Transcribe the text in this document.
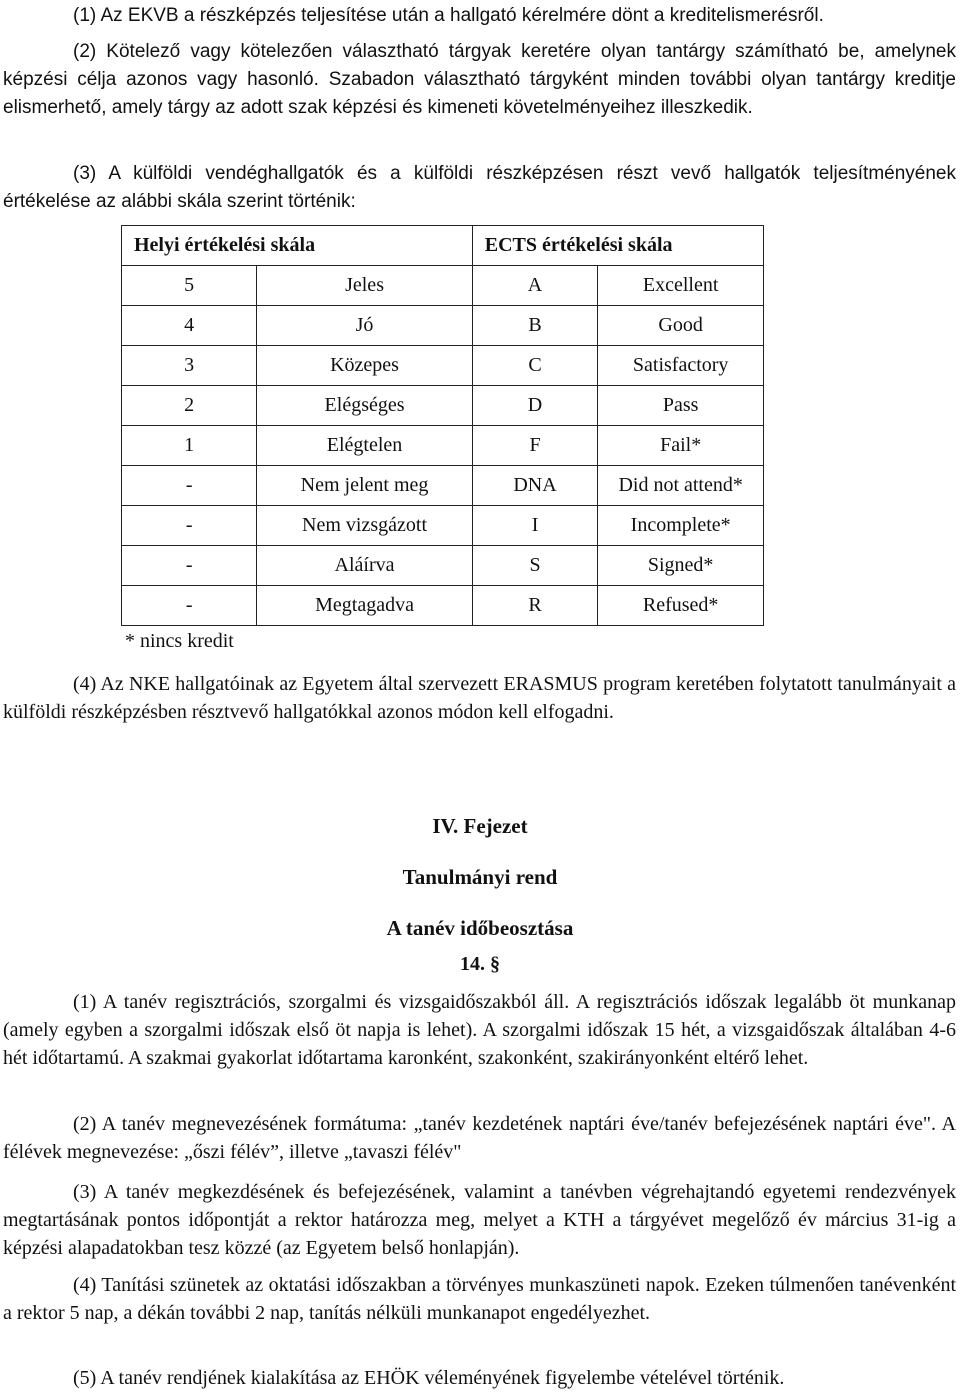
(1) Az EKVB a részképzés teljesítése után a hallgató kérelmére dönt a kreditelismerésről.

(2) Kötelező vagy kötelezően választható tárgyak keretére olyan tantárgy számítható be, amelynek képzési célja azonos vagy hasonló. Szabadon választható tárgyként minden további olyan tantárgy kreditje elismerhető, amely tárgy az adott szak képzési és kimeneti követelményeihez illeszkedik.

(3) A külföldi vendéghallgatók és a külföldi részképzésen részt vevő hallgatók teljesítményének értékelése az alábbi skála szerint történik:

Helyi értékelési skála		ECTS értékelési skála	
5	Jeles	A	Excellent
4	Jó	B	Good
3	Közepes	C	Satisfactory
2	Elégséges	D	Pass
1	Elégtelen	F	Fail*
-	Nem jelent meg	DNA	Did not attend*
-	Nem vizsgázott	I	Incomplete*
-	Aláírva	S	Signed*
-	Megtagadva	R	Refused*
* nincs kredit

(4) Az NKE hallgatóinak az Egyetem által szervezett ERASMUS program keretében folytatott tanulmányait a külföldi részképzésben résztvevő hallgatókkal azonos módon kell elfogadni.

IV. Fejezet
Tanulmányi rend
A tanév időbeosztása
14. §

(1) A tanév regisztrációs, szorgalmi és vizsgaidőszakból áll. A regisztrációs időszak legalább öt munkanap (amely egyben a szorgalmi időszak első öt napja is lehet). A szorgalmi időszak 15 hét, a vizsgaidőszak általában 4-6 hét időtartamú. A szakmai gyakorlat időtartama karonként, szakonként, szakirányonként eltérő lehet.

(2) A tanév megnevezésének formátuma: „tanév kezdetének naptári éve/tanév befejezésének naptári éve". A félévek megnevezése: „őszi félév”, illetve „tavaszi félév"

(3) A tanév megkezdésének és befejezésének, valamint a tanévben végrehajtandó egyetemi rendezvények megtartásának pontos időpontját a rektor határozza meg, melyet a KTH a tárgyévet megelőző év március 31-ig a képzési alapadatokban tesz közzé (az Egyetem belső honlapján).

(4) Tanítási szünetek az oktatási időszakban a törvényes munkaszüneti napok. Ezeken túlmenően tanévenként a rektor 5 nap, a dékán további 2 nap, tanítás nélküli munkanapot engedélyezhet.

(5) A tanév rendjének kialakítása az EHÖK véleményének figyelembe vételével történik.
